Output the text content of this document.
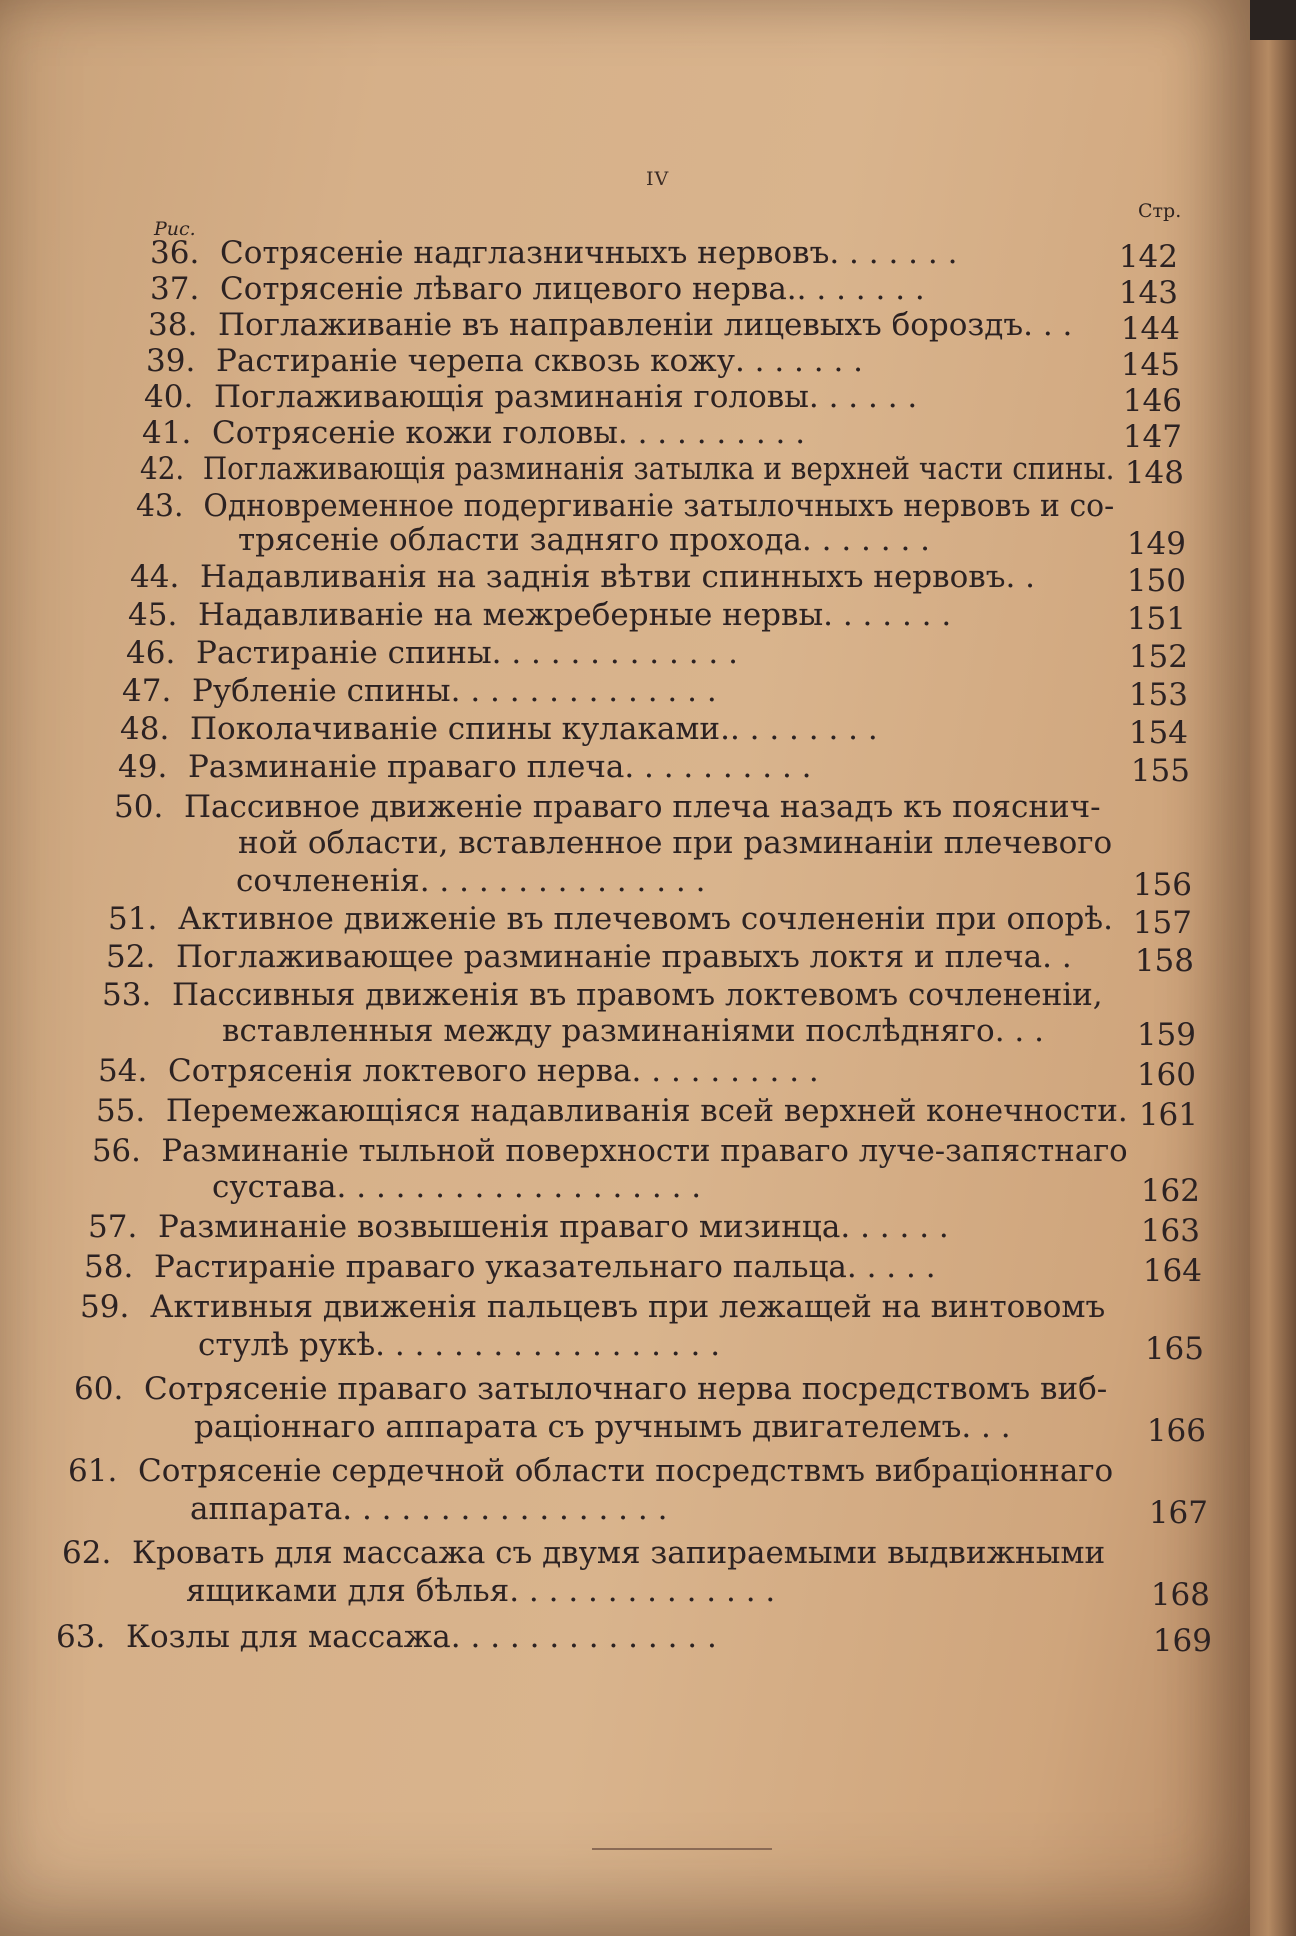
IV
Рис.
Стр.
36. Сотрясеніе надглазничныхъ нервовъ . . . . . . .	142
37. Сотрясеніе лѣваго лицевого нерва. . . . . . . .	143
38. Поглаживаніе въ направленіи лицевыхъ бороздъ . . . 144
39. Растираніе черепа сквозь кожу . . . . . . .	145
40. Поглаживающія разминанія головы . . . . . .	146
41. Сотрясеніе кожи головы . . . . . . . . . .	147
42. Поглаживающія разминанія затылка и верхней части спины. 148
43. Одновременное подергиваніе затылочныхъ нервовъ и со-
трясеніе области задняго прохода . . . . . . .	149
44. Надавливанія на заднія вѣтви спинныхъ нервовъ . .	150
45. Надавливаніе на межреберные нервы . . . . . . .	151
46. Растираніе спины . . . . . . . . . . . . .	152
47. Рубленіе спины . . . . . . . . . . . . . .	153
48. Поколачиваніе спины кулаками. . . . . . . . .	154
49. Разминаніе праваго плеча . . . . . . . . . .	155
50. Пассивное движеніе праваго плеча назадъ къ пояснич-
ной области, вставленное при разминаніи плечевого
сочлененія . . . . . . . . . . . . . . .	156
51. Активное движеніе въ плечевомъ сочлененіи при опорѣ . 157
52. Поглаживающее разминаніе правыхъ локтя и плеча . . 158
53. Пассивныя движенія въ правомъ локтевомъ сочлененіи,
вставленныя между разминаніями послѣдняго . . .	159
54. Сотрясенія локтевого нерва . . . . . . . . . .	160
55. Перемежающіяся надавливанія всей верхней конечности. 161
56. Разминаніе тыльной поверхности праваго луче-запястнаго
сустава . . . . . . . . . . . . . . . . . . .	162
57. Разминаніе возвышенія праваго мизинца . . . . . .	163
58. Растираніе праваго указательнаго пальца . . . . .	164
59. Активныя движенія пальцевъ при лежащей на винтовомъ
стулѣ рукѣ . . . . . . . . . . . . . . . . . .	165
60. Сотрясеніе праваго затылочнаго нерва посредствомъ виб-
раціоннаго аппарата съ ручнымъ двигателемъ . . .	166
61. Сотрясеніе сердечной области посредствмъ вибраціоннаго
аппарата . . . . . . . . . . . . . . . . .	167
62. Кровать для массажа съ двумя запираемыми выдвижными
ящиками для бѣлья . . . . . . . . . . . . . .	168
63. Козлы для массажа . . . . . . . . . . . . . .	169
